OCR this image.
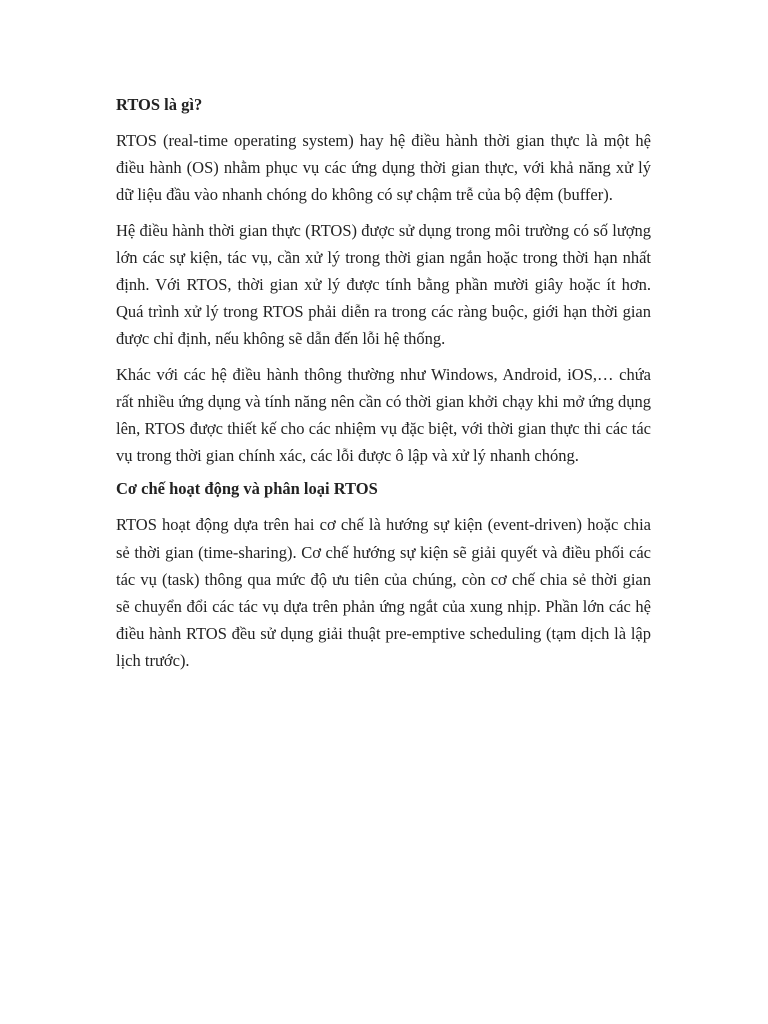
RTOS là gì?
RTOS (real-time operating system) hay hệ điều hành thời gian thực là một hệ điều hành (OS) nhằm phục vụ các ứng dụng thời gian thực, với khả năng xử lý dữ liệu đầu vào nhanh chóng do không có sự chậm trễ của bộ đệm (buffer).
Hệ điều hành thời gian thực (RTOS) được sử dụng trong môi trường có số lượng lớn các sự kiện, tác vụ, cần xử lý trong thời gian ngắn hoặc trong thời hạn nhất định. Với RTOS, thời gian xử lý được tính bằng phần mười giây hoặc ít hơn. Quá trình xử lý trong RTOS phải diễn ra trong các ràng buộc, giới hạn thời gian được chỉ định, nếu không sẽ dẫn đến lỗi hệ thống.
Khác với các hệ điều hành thông thường như Windows, Android, iOS,… chứa rất nhiều ứng dụng và tính năng nên cần có thời gian khởi chạy khi mở ứng dụng lên, RTOS được thiết kế cho các nhiệm vụ đặc biệt, với thời gian thực thi các tác vụ trong thời gian chính xác, các lỗi được ô lập và xử lý nhanh chóng.
Cơ chế hoạt động và phân loại RTOS
RTOS hoạt động dựa trên hai cơ chế là hướng sự kiện (event-driven) hoặc chia sẻ thời gian (time-sharing). Cơ chế hướng sự kiện sẽ giải quyết và điều phối các tác vụ (task) thông qua mức độ ưu tiên của chúng, còn cơ chế chia sẻ thời gian sẽ chuyển đổi các tác vụ dựa trên phản ứng ngắt của xung nhịp. Phần lớn các hệ điều hành RTOS đều sử dụng giải thuật pre-emptive scheduling (tạm dịch là lập lịch trước).
